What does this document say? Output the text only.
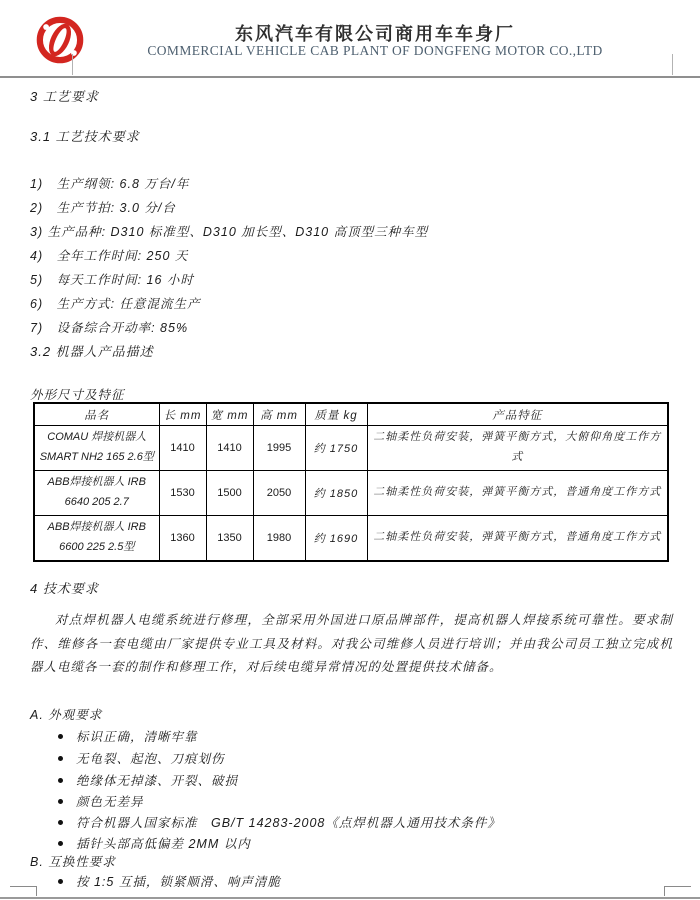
东风汽车有限公司商用车车身厂
COMMERCIAL VEHICLE CAB PLANT OF DONGFENG MOTOR CO.,LTD
3 工艺要求
3.1 工艺技术要求
1)　生产纲领: 6.8 万台/年
2)　生产节拍: 3.0 分/台
3) 生产品种: D310 标准型、D310 加长型、D310 高顶型三种车型
4)　全年工作时间: 250 天
5)　每天工作时间: 16 小时
6)　生产方式: 任意混流生产
7)　设备综合开动率: 85%
3.2 机器人产品描述
外形尺寸及特征
品名	长 mm	宽 mm	高 mm	质量 kg	产品特征
COMAU 焊接机器人 SMART NH2 165 2.6型	1410	1410	1995	约 1750	二轴柔性负荷安装，弹簧平衡方式，大俯仰角度工作方式
ABB焊接机器人 IRB 6640 205 2.7	1530	1500	2050	约 1850	二轴柔性负荷安装，弹簧平衡方式，普通角度工作方式
ABB焊接机器人 IRB 6600 225 2.5型	1360	1350	1980	约 1690	二轴柔性负荷安装，弹簧平衡方式，普通角度工作方式
4 技术要求
对点焊机器人电缆系统进行修理，全部采用外国进口原品牌部件，提高机器人焊接系统可靠性。要求制作、维修各一套电缆由厂家提供专业工具及材料。对我公司维修人员进行培训；并由我公司员工独立完成机器人电缆各一套的制作和修理工作，对后续电缆异常情况的处置提供技术储备。
A. 外观要求
标识正确，清晰牢靠
无龟裂、起泡、刀痕划伤
绝缘体无掉漆、开裂、破损
颜色无差异
符合机器人国家标准　GB/T 14283-2008《点焊机器人通用技术条件》
插针头部高低偏差 2MM 以内
B. 互换性要求
按 1:5 互插，锁紧顺滑、响声清脆
